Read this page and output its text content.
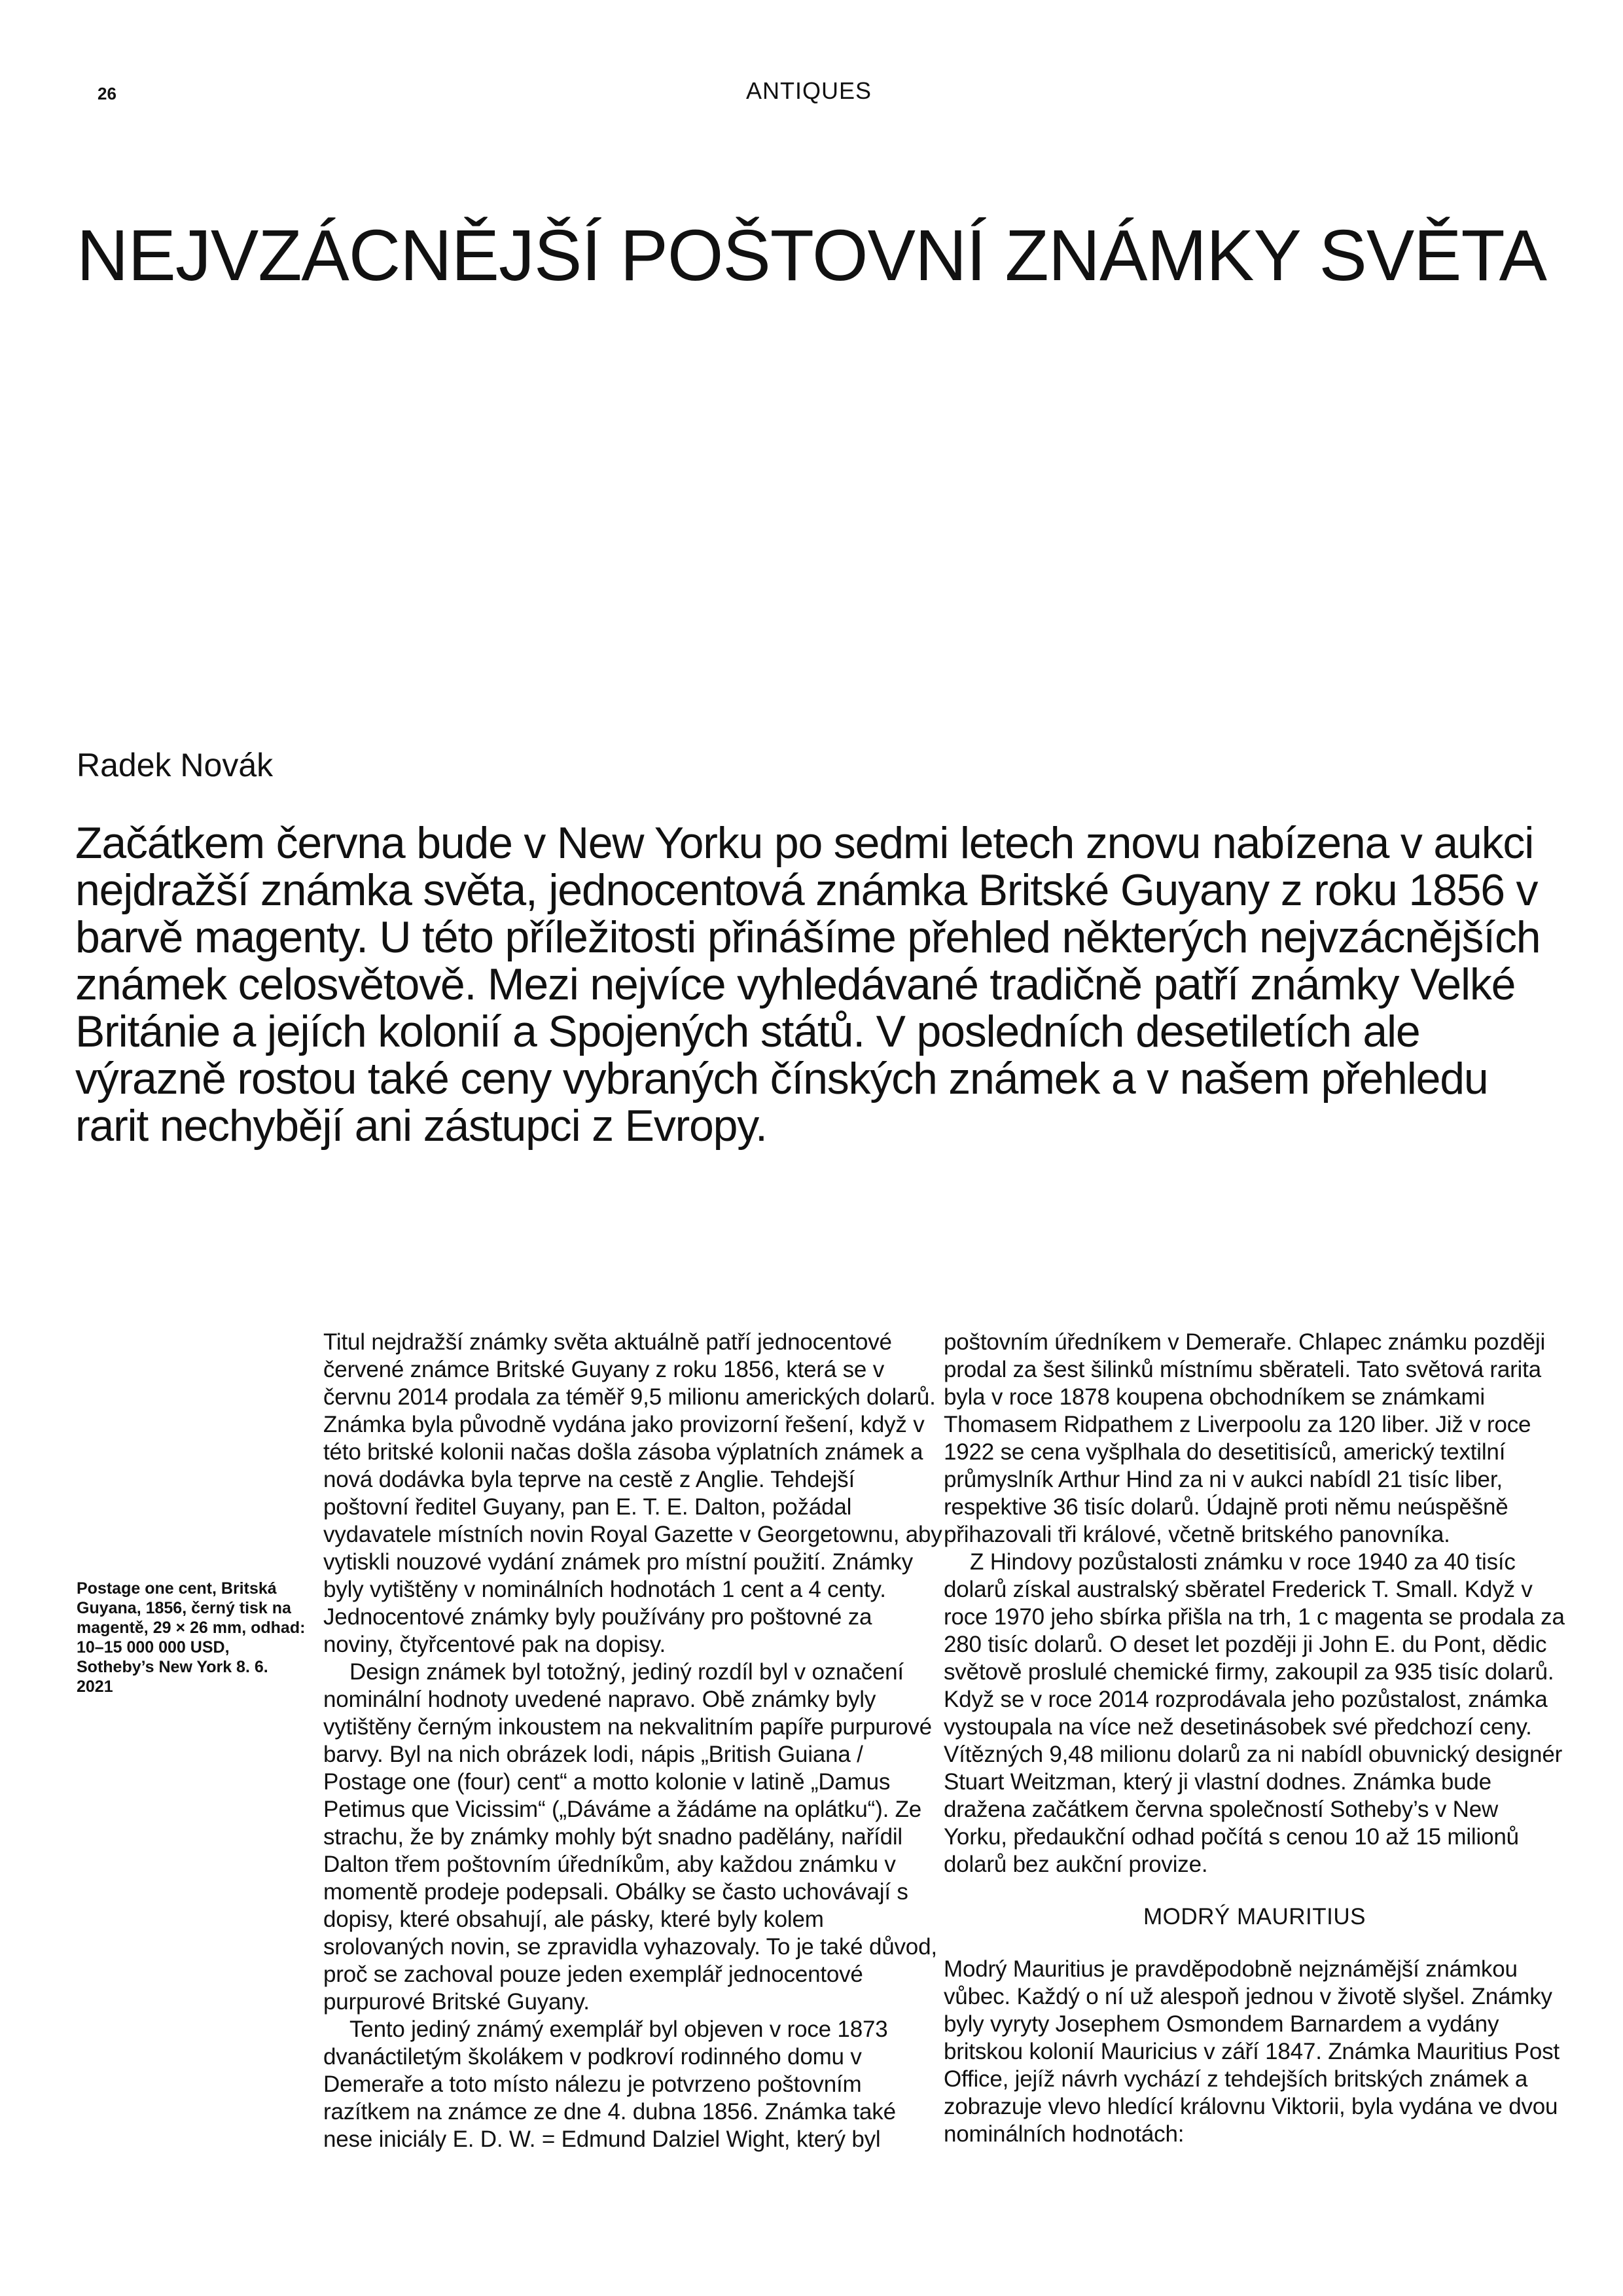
26	ANTIQUES
NEJVZÁCNĚJŠÍ POŠTOVNÍ ZNÁMKY SVĚTA
Radek Novák

Začátkem června bude v New Yorku po sedmi letech znovu nabízena v aukci nejdražší známka světa, jednocentová známka Britské Guyany z roku 1856 v barvě magenty. U této příležitosti přinášíme přehled některých nejvzácnějších známek celosvětově. Mezi nejvíce vyhledávané tradičně patří známky Velké Británie a jejích kolonií a Spojených států. V posledních desetiletích ale výrazně rostou také ceny vybraných čínských známek a v našem přehledu rarit nechybějí ani zástupci z Evropy.

Postage one cent, Britská Guyana, 1856, černý tisk na magentě, 29 × 26 mm, odhad: 10–15 000 000 USD, Sotheby’s New York 8. 6. 2021

Titul nejdražší známky světa aktuálně patří jednocentové červené známce Britské Guyany z roku 1856, která se v červnu 2014 prodala za téměř 9,5 milionu amerických dolarů. Známka byla původně vydána jako provizorní řešení, když v této britské kolonii načas došla zásoba výplatních známek a nová dodávka byla teprve na cestě z Anglie. Tehdejší poštovní ředitel Guyany, pan E. T. E. Dalton, požádal vydavatele místních novin Royal Gazette v Georgetownu, aby vytiskli nouzové vydání známek pro místní použití. Známky byly vytištěny v nominálních hodnotách 1 cent a 4 centy. Jednocentové známky byly používány pro poštovné za noviny, čtyřcentové pak na dopisy.

Design známek byl totožný, jediný rozdíl byl v označení nominální hodnoty uvedené napravo. Obě známky byly vytištěny černým inkoustem na nekvalitním papíře purpurové barvy. Byl na nich obrázek lodi, nápis „British Guiana / Postage one (four) cent“ a motto kolonie v latině „Damus Petimus que Vicissim“ („Dáváme a žádáme na oplátku“). Ze strachu, že by známky mohly být snadno padělány, nařídil Dalton třem poštovním úředníkům, aby každou známku v momentě prodeje podepsali. Obálky se často uchovávají s dopisy, které obsahují, ale pásky, které byly kolem srolovaných novin, se zpravidla vyhazovaly. To je také důvod, proč se zachoval pouze jeden exemplář jednocentové purpurové Britské Guyany.

Tento jediný známý exemplář byl objeven v roce 1873 dvanáctiletým školákem v podkroví rodinného domu v Demeraře a toto místo nálezu je potvrzeno poštovním razítkem na známce ze dne 4. dubna 1856. Známka také nese iniciály E. D. W. = Edmund Dalziel Wight, který byl

poštovním úředníkem v Demeraře. Chlapec známku později prodal za šest šilinků místnímu sběrateli. Tato světová rarita byla v roce 1878 koupena obchodníkem se známkami Thomasem Ridpathem z Liverpoolu za 120 liber. Již v roce 1922 se cena vyšplhala do desetitisíců, americký textilní průmyslník Arthur Hind za ni v aukci nabídl 21 tisíc liber, respektive 36 tisíc dolarů. Údajně proti němu neúspěšně přihazovali tři králové, včetně britského panovníka.

Z Hindovy pozůstalosti známku v roce 1940 za 40 tisíc dolarů získal australský sběratel Frederick T. Small. Když v roce 1970 jeho sbírka přišla na trh, 1 c magenta se prodala za 280 tisíc dolarů. O deset let později ji John E. du Pont, dědic světově proslulé chemické firmy, zakoupil za 935 tisíc dolarů. Když se v roce 2014 rozprodávala jeho pozůstalost, známka vystoupala na více než desetinásobek své předchozí ceny. Vítězných 9,48 milionu dolarů za ni nabídl obuvnický designér Stuart Weitzman, který ji vlastní dodnes. Známka bude dražena začátkem června společností Sotheby’s v New Yorku, předaukční odhad počítá s cenou 10 až 15 milionů dolarů bez aukční provize.

MODRÝ MAURITIUS

Modrý Mauritius je pravděpodobně nejznámější známkou vůbec. Každý o ní už alespoň jednou v životě slyšel. Známky byly vyryty Josephem Osmondem Barnardem a vydány britskou kolonií Mauricius v září 1847. Známka Mauritius Post Office, jejíž návrh vychází z tehdejších britských známek a zobrazuje vlevo hledící královnu Viktorii, byla vydána ve dvou nominálních hodnotách:
